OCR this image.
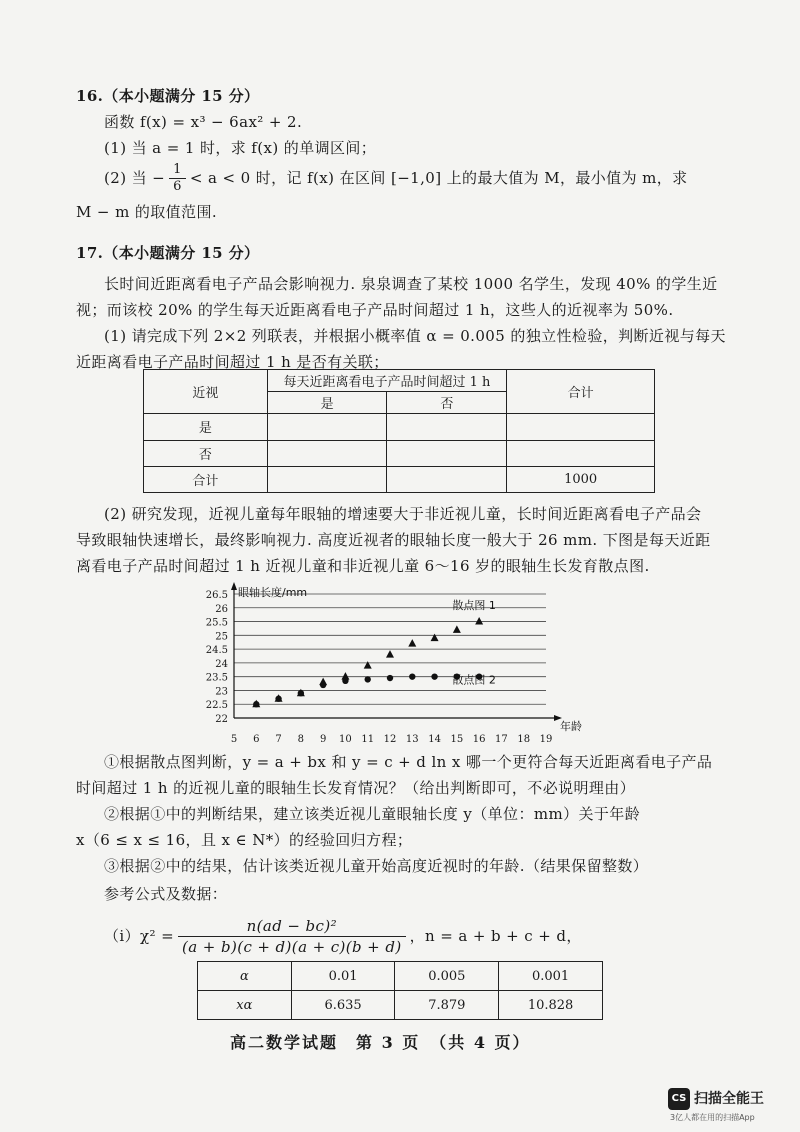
16.（本小题满分 15 分）
函数 f(x) = x³ − 6ax² + 2.
(1) 当 a = 1 时，求 f(x) 的单调区间；
(2) 当 − $\frac{1}{6} < a < 0$ 时，记 f(x) 在区间 [−1,0] 上的最大值为 M，最小值为 m，求
M − m 的取值范围.
17.（本小题满分 15 分）
长时间近距离看电子产品会影响视力. 泉泉调查了某校 1000 名学生，发现 40% 的学生近
视；而该校 20% 的学生每天近距离看电子产品时间超过 1 h，这些人的近视率为 50%.
(1) 请完成下列 2×2 列联表，并根据小概率值 α = 0.005 的独立性检验，判断近视与每天
近距离看电子产品时间超过 1 h 是否有关联；
近视	每天近距离看电子产品时间超过 1 h		合计
	是	否	
是			
否			
合计			1000
(2) 研究发现，近视儿童每年眼轴的增速要大于非近视儿童，长时间近距离看电子产品会
导致眼轴快速增长，最终影响视力. 高度近视者的眼轴长度一般大于 26 mm. 下图是每天近距
离看电子产品时间超过 1 h 近视儿童和非近视儿童 6～16 岁的眼轴生长发育散点图.
22
22.5
23
23.5
24
24.5
25
25.5
26
26.5
5 6 7 8 9 10 11 12 13 14 15 16 17 18 19
眼轴长度/mm
年龄
散点图 1
散点图 2
①根据散点图判断，y = a + bx 和 y = c + d ln x 哪一个更符合每天近距离看电子产品
时间超过 1 h 的近视儿童的眼轴生长发育情况？（给出判断即可，不必说明理由）
②根据①中的判断结果，建立该类近视儿童眼轴长度 y（单位：mm）关于年龄
x（6 ≤ x ≤ 16，且 x ∈ N*）的经验回归方程；
③根据②中的结果，估计该类近视儿童开始高度近视时的年龄.（结果保留整数）
参考公式及数据：
（ⅰ）χ² = $\frac{\text{n(ad − bc)²}}{(a + b)(c + d)(a + c)(b + d)}$ ，n = a + b + c + d，
α	0.01	0.005	0.001
xα	6.635	7.879	10.828
高二数学试题　第 3 页　（共 4 页）
CS 扫描全能王
3亿人都在用的扫描App
